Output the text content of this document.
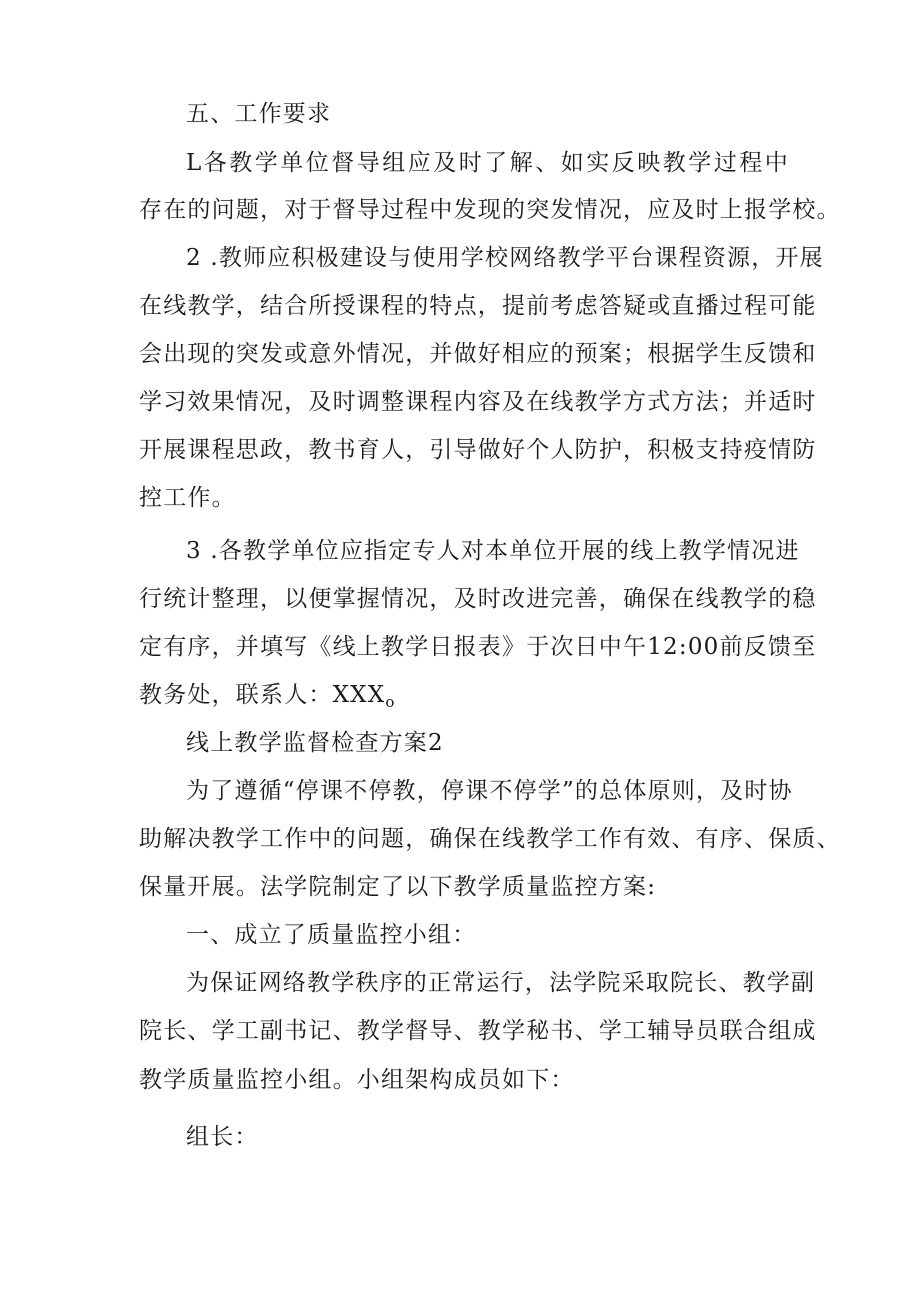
五、工作要求
L各教学单位督导组应及时了解、如实反映教学过程中
存在的问题，对于督导过程中发现的突发情况，应及时上报学校。
2 .教师应积极建设与使用学校网络教学平台课程资源，开展
在线教学，结合所授课程的特点，提前考虑答疑或直播过程可能
会出现的突发或意外情况，并做好相应的预案；根据学生反馈和
学习效果情况，及时调整课程内容及在线教学方式方法；并适时
开展课程思政，教书育人，引导做好个人防护，积极支持疫情防
控工作。
3 .各教学单位应指定专人对本单位开展的线上教学情况进
行统计整理，以便掌握情况，及时改进完善，确保在线教学的稳
定有序，并填写《线上教学日报表》于次日中午12:00前反馈至
教务处，联系人：$XXX_o$
线上教学监督检查方案2
为了遵循“停课不停教，停课不停学”的总体原则，及时协
助解决教学工作中的问题，确保在线教学工作有效、有序、保质、
保量开展。法学院制定了以下教学质量监控方案:
一、成立了质量监控小组：
为保证网络教学秩序的正常运行，法学院采取院长、教学副
院长、学工副书记、教学督导、教学秘书、学工辅导员联合组成
教学质量监控小组。小组架构成员如下：
组长：
